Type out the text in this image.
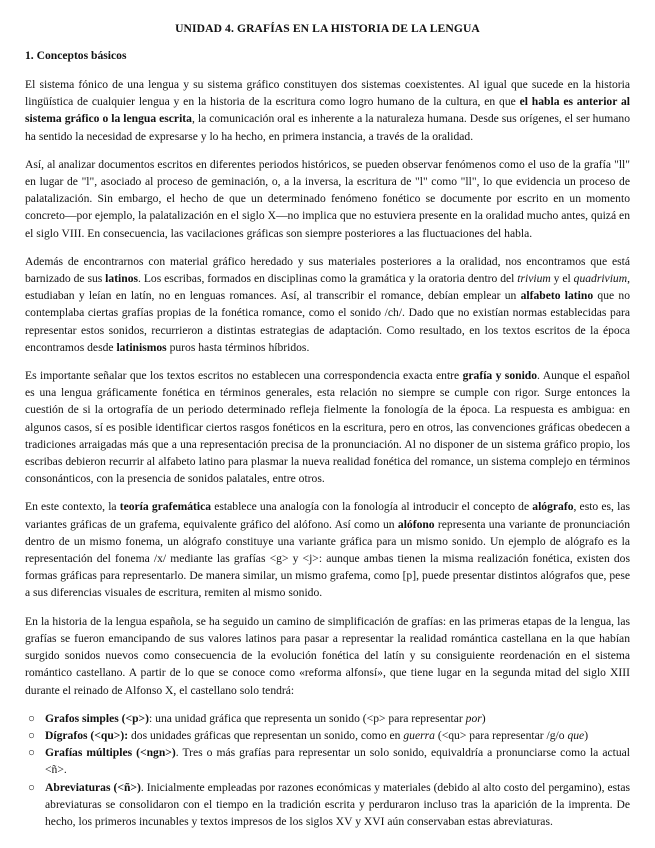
UNIDAD 4. GRAFÍAS EN LA HISTORIA DE LA LENGUA
1. Conceptos básicos

El sistema fónico de una lengua y su sistema gráfico constituyen dos sistemas coexistentes. Al igual que sucede en la historia lingüística de cualquier lengua y en la historia de la escritura como logro humano de la cultura, en que el habla es anterior al sistema gráfico o la lengua escrita, la comunicación oral es inherente a la naturaleza humana. Desde sus orígenes, el ser humano ha sentido la necesidad de expresarse y lo ha hecho, en primera instancia, a través de la oralidad.

Así, al analizar documentos escritos en diferentes periodos históricos, se pueden observar fenómenos como el uso de la grafía "ll" en lugar de "l", asociado al proceso de geminación, o, a la inversa, la escritura de "l" como "ll", lo que evidencia un proceso de palatalización. Sin embargo, el hecho de que un determinado fenómeno fonético se documente por escrito en un momento concreto—por ejemplo, la palatalización en el siglo X—no implica que no estuviera presente en la oralidad mucho antes, quizá en el siglo VIII. En consecuencia, las vacilaciones gráficas son siempre posteriores a las fluctuaciones del habla.

Además de encontrarnos con material gráfico heredado y sus materiales posteriores a la oralidad, nos encontramos que está barnizado de sus latinos. Los escribas, formados en disciplinas como la gramática y la oratoria dentro del trivium y el quadrivium, estudiaban y leían en latín, no en lenguas romances. Así, al transcribir el romance, debían emplear un alfabeto latino que no contemplaba ciertas grafías propias de la fonética romance, como el sonido /ch/. Dado que no existían normas establecidas para representar estos sonidos, recurrieron a distintas estrategias de adaptación. Como resultado, en los textos escritos de la época encontramos desde latinismos puros hasta términos híbridos.

Es importante señalar que los textos escritos no establecen una correspondencia exacta entre grafía y sonido. Aunque el español es una lengua gráficamente fonética en términos generales, esta relación no siempre se cumple con rigor. Surge entonces la cuestión de si la ortografía de un periodo determinado refleja fielmente la fonología de la época. La respuesta es ambigua: en algunos casos, sí es posible identificar ciertos rasgos fonéticos en la escritura, pero en otros, las convenciones gráficas obedecen a tradiciones arraigadas más que a una representación precisa de la pronunciación. Al no disponer de un sistema gráfico propio, los escribas debieron recurrir al alfabeto latino para plasmar la nueva realidad fonética del romance, un sistema complejo en términos consonánticos, con la presencia de sonidos palatales, entre otros.

En este contexto, la teoría grafemática establece una analogía con la fonología al introducir el concepto de alógrafo, esto es, las variantes gráficas de un grafema, equivalente gráfico del alófono. Así como un alófono representa una variante de pronunciación dentro de un mismo fonema, un alógrafo constituye una variante gráfica para un mismo sonido. Un ejemplo de alógrafo es la representación del fonema /x/ mediante las grafías <g> y <j>: aunque ambas tienen la misma realización fonética, existen dos formas gráficas para representarlo. De manera similar, un mismo grafema, como [p], puede presentar distintos alógrafos que, pese a sus diferencias visuales de escritura, remiten al mismo sonido.

En la historia de la lengua española, se ha seguido un camino de simplificación de grafías: en las primeras etapas de la lengua, las grafías se fueron emancipando de sus valores latinos para pasar a representar la realidad romántica castellana en la que habían surgido sonidos nuevos como consecuencia de la evolución fonética del latín y su consiguiente reordenación en el sistema romántico castellano. A partir de lo que se conoce como «reforma alfonsí», que tiene lugar en la segunda mitad del siglo XIII durante el reinado de Alfonso X, el castellano solo tendrá:

○ Grafos simples (<p>): una unidad gráfica que representa un sonido (<p> para representar por)
○ Dígrafos (<qu>): dos unidades gráficas que representan un sonido, como en guerra (<qu> para representar /g/o que)
○ Grafías múltiples (<ngn>). Tres o más grafías para representar un solo sonido, equivaldría a pronunciarse como la actual <ñ>.
○ Abreviaturas (<ñ>). Inicialmente empleadas por razones económicas y materiales (debido al alto costo del pergamino), estas abreviaturas se consolidaron con el tiempo en la tradición escrita y perduraron incluso tras la aparición de la imprenta. De hecho, los primeros incunables y textos impresos de los siglos XV y XVI aún conservaban estas abreviaturas.
